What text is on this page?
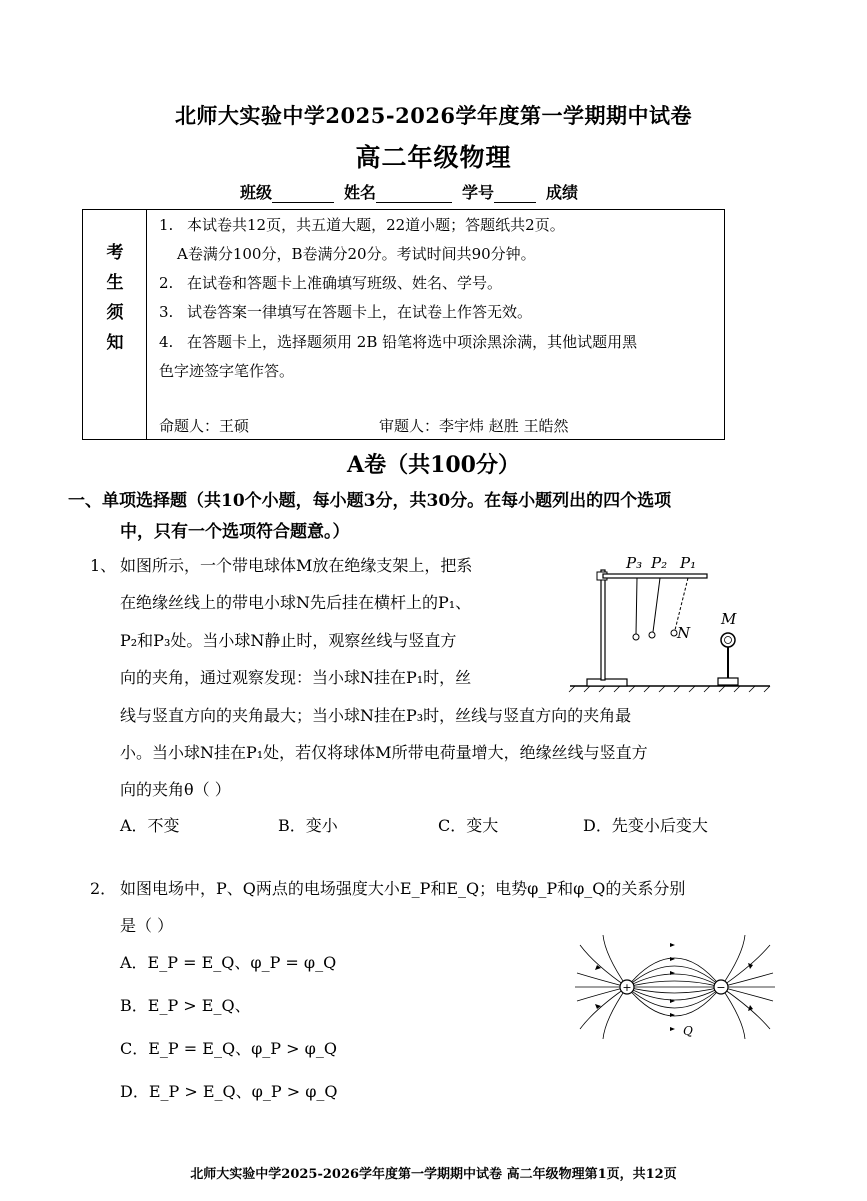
北师大实验中学2025-2026学年度第一学期期中试卷
高二年级物理
班级	姓名	学号	成绩
考
生
须
知
1. 本试卷共12页，共五道大题，22道小题；答题纸共2页。
A卷满分100分，B卷满分20分。考试时间共90分钟。
2. 在试卷和答题卡上准确填写班级、姓名、学号。
3. 试卷答案一律填写在答题卡上，在试卷上作答无效。
4. 在答题卡上，选择题须用 2B 铅笔将选中项涂黑涂满，其他试题用黑
色字迹签字笔作答。
命题人：王硕	审题人：李宇炜 赵胜 王皓然
A卷（共100分）
一、单项选择题（共10个小题，每小题3分，共30分。在每小题列出的四个选项
中，只有一个选项符合题意。）
1、 如图所示，一个带电球体M放在绝缘支架上，把系
在绝缘丝线上的带电小球N先后挂在横杆上的P₁、
P₂和P₃处。当小球N静止时，观察丝线与竖直方
向的夹角，通过观察发现：当小球N挂在P₁时，丝
线与竖直方向的夹角最大；当小球N挂在P₃时，丝线与竖直方向的夹角最
小。当小球N挂在P₁处，若仅将球体M所带电荷量增大，绝缘丝线与竖直方
向的夹角θ（ ）
A．不变	B．变小	C．变大	D．先变小后变大
P₃ P₂ P₁
N
M
2． 如图电场中，P、Q两点的电场强度大小E_P和E_Q；电势φ_P和φ_Q的关系分别
是（ ）
A．E_P = E_Q、φ_P = φ_Q
B．E_P > E_Q、
C．E_P = E_Q、φ_P > φ_Q
D．E_P > E_Q、φ_P > φ_Q
+	−
Q
北师大实验中学2025-2026学年度第一学期期中试卷 高二年级物理第1页，共12页
